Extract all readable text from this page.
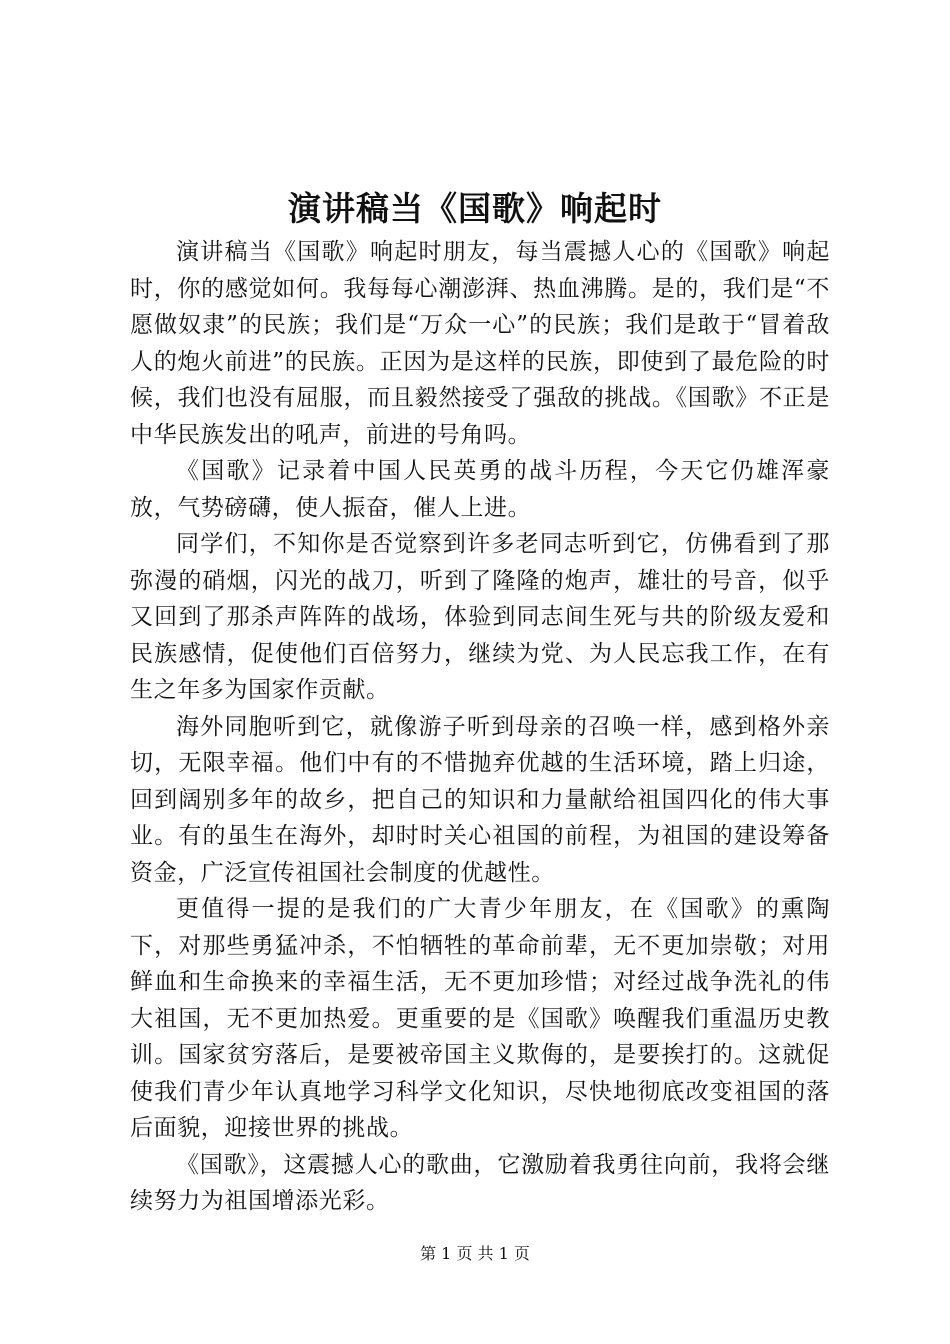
演讲稿当《国歌》响起时

演讲稿当《国歌》响起时朋友，每当震撼人心的《国歌》响起时，你的感觉如何。我每每心潮澎湃、热血沸腾。是的，我们是“不愿做奴隶”的民族；我们是“万众一心”的民族；我们是敢于“冒着敌人的炮火前进”的民族。正因为是这样的民族，即使到了最危险的时候，我们也没有屈服，而且毅然接受了强敌的挑战。《国歌》不正是中华民族发出的吼声，前进的号角吗。

《国歌》记录着中国人民英勇的战斗历程，今天它仍雄浑豪放，气势磅礴，使人振奋，催人上进。

同学们，不知你是否觉察到许多老同志听到它，仿佛看到了那弥漫的硝烟，闪光的战刀，听到了隆隆的炮声，雄壮的号音，似乎又回到了那杀声阵阵的战场，体验到同志间生死与共的阶级友爱和民族感情，促使他们百倍努力，继续为党、为人民忘我工作，在有生之年多为国家作贡献。

海外同胞听到它，就像游子听到母亲的召唤一样，感到格外亲切，无限幸福。他们中有的不惜抛弃优越的生活环境，踏上归途，回到阔别多年的故乡，把自己的知识和力量献给祖国四化的伟大事业。有的虽生在海外，却时时关心祖国的前程，为祖国的建设筹备资金，广泛宣传祖国社会制度的优越性。

更值得一提的是我们的广大青少年朋友，在《国歌》的熏陶下，对那些勇猛冲杀，不怕牺牲的革命前辈，无不更加崇敬；对用鲜血和生命换来的幸福生活，无不更加珍惜；对经过战争洗礼的伟大祖国，无不更加热爱。更重要的是《国歌》唤醒我们重温历史教训。国家贫穷落后，是要被帝国主义欺侮的，是要挨打的。这就促使我们青少年认真地学习科学文化知识，尽快地彻底改变祖国的落后面貌，迎接世界的挑战。

《国歌》，这震撼人心的歌曲，它激励着我勇往向前，我将会继续努力为祖国增添光彩。

第 1 页 共 1 页
